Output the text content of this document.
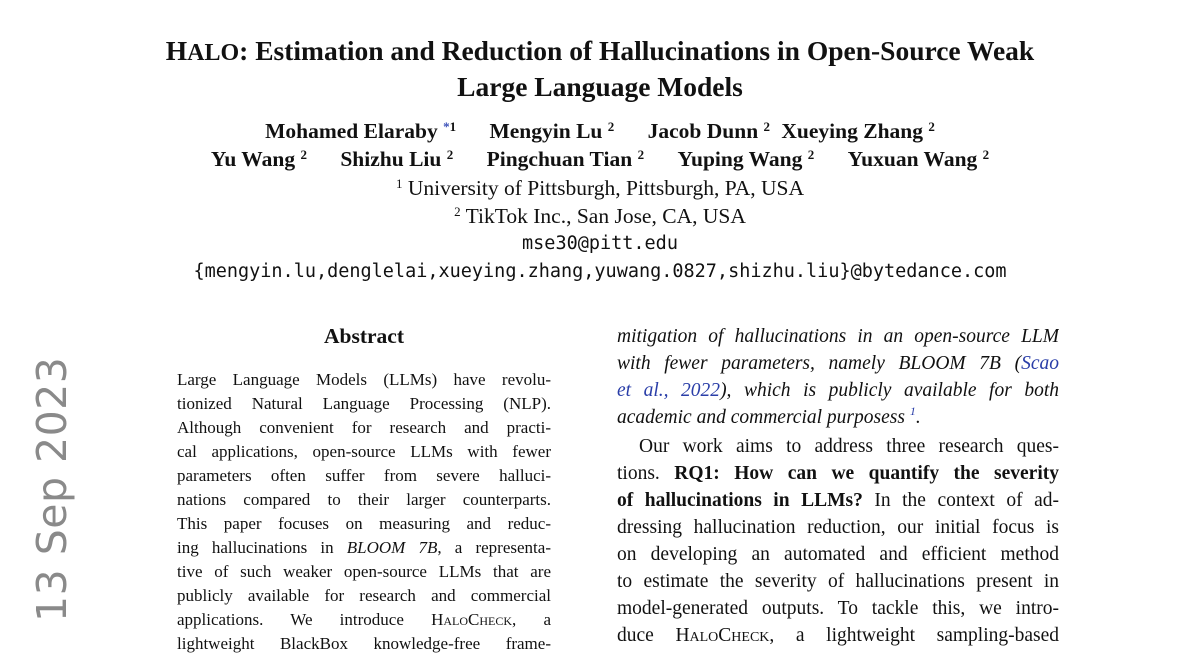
HALO: Estimation and Reduction of Hallucinations in Open-Source Weak
Large Language Models
Mohamed Elaraby $^{*1}$ Mengyin Lu $^2$ Jacob Dunn $^2$ Xueying Zhang $^2$
Yu Wang $^2$ Shizhu Liu $^2$ Pingchuan Tian $^2$ Yuping Wang $^2$ Yuxuan Wang $^2$
$^1$ University of Pittsburgh, Pittsburgh, PA, USA
$^2$ TikTok Inc., San Jose, CA, USA
mse30@pitt.edu
{mengyin.lu,denglelai,xueying.zhang,yuwang.0827,shizhu.liu}@bytedance.com
13 Sep 2023
Abstract
Large Language Models (LLMs) have revolu-
tionized Natural Language Processing (NLP).
Although convenient for research and practi-
cal applications, open-source LLMs with fewer
parameters often suffer from severe halluci-
nations compared to their larger counterparts.
This paper focuses on measuring and reduc-
ing hallucinations in BLOOM 7B, a representa-
tive of such weaker open-source LLMs that are
publicly available for research and commercial
applications. We introduce HaloCheck, a
lightweight BlackBox knowledge-free frame-
mitigation of hallucinations in an open-source LLM
with fewer parameters, namely BLOOM 7B (Scao
et al., 2022), which is publicly available for both
academic and commercial purposess $^1$.
Our work aims to address three research ques-
tions. RQ1: How can we quantify the severity
of hallucinations in LLMs? In the context of ad-
dressing hallucination reduction, our initial focus is
on developing an automated and efficient method
to estimate the severity of hallucinations present in
model-generated outputs. To tackle this, we intro-
duce HaloCheck, a lightweight sampling-based
